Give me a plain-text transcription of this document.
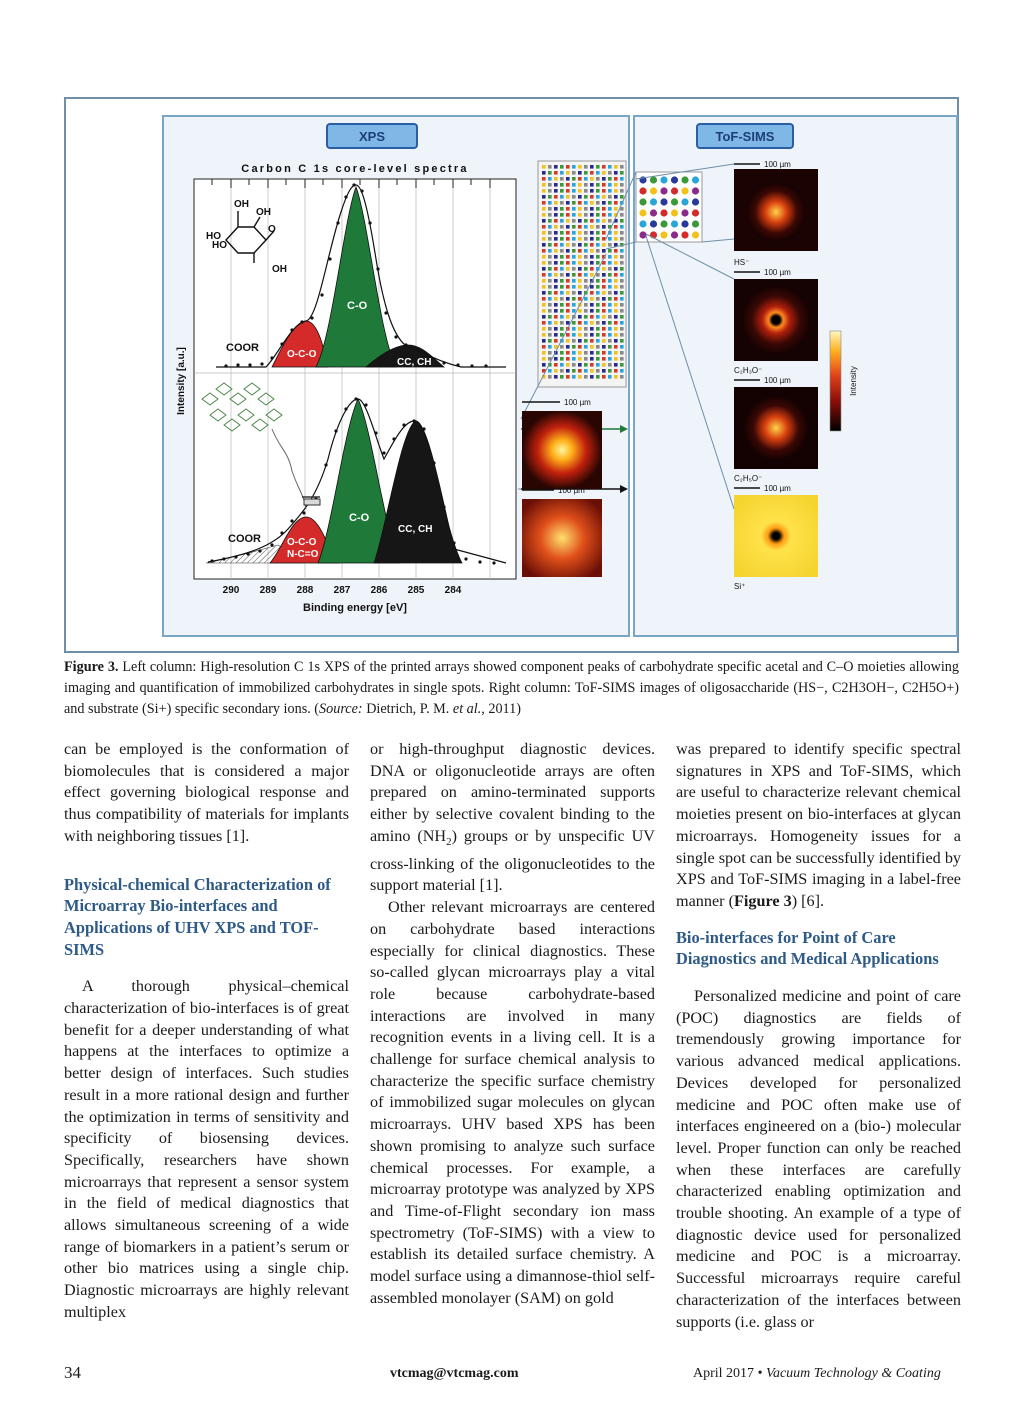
XPS	ToF-SIMS
Carbon C 1s core-level spectra
COOR
O-C-O
C-O
CC, CH
OH
OH
HO
HO
O
OH
Intensity [a.u.]
COOR	O-C-O
N-C=O
C-O
CC, CH
290 289 288 287 286 285 284
Binding energy [eV]
100 µm
100 µm
100 µm
HS⁻
100 µm
C₂H₃O⁻
100 µm
C₂H₅O⁻
100 µm
Si⁺
Intensity
Figure 3. Left column: High-resolution C 1s XPS of the printed arrays showed component peaks of carbohydrate specific acetal and C–O moieties allowing imaging and quantification of immobilized carbohydrates in single spots. Right column: ToF-SIMS images of oligosaccharide (HS−, C2H3OH−, C2H5O+) and substrate (Si+) specific secondary ions. (Source: Dietrich, P. M. et al., 2011)

can be employed is the conformation of biomolecules that is considered a major effect governing biological response and thus compatibility of materials for implants with neighboring tissues [1].

Physical-chemical Characterization of Microarray Bio-interfaces and Applications of UHV XPS and TOF-SIMS

A thorough physical–chemical characterization of bio-interfaces is of great benefit for a deeper understanding of what happens at the interfaces to optimize a better design of interfaces. Such studies result in a more rational design and further the optimization in terms of sensitivity and specificity of biosensing devices. Specifically, researchers have shown microarrays that represent a sensor system in the field of medical diagnostics that allows simultaneous screening of a wide range of biomarkers in a patient’s serum or other bio matrices using a single chip. Diagnostic microarrays are highly relevant multiplex

or high-throughput diagnostic devices. DNA or oligonucleotide arrays are often prepared on amino-terminated supports either by selective covalent binding to the amino $(NH_2)$ groups or by unspecific UV cross-linking of the oligonucleotides to the support material [1].

Other relevant microarrays are centered on carbohydrate based interactions especially for clinical diagnostics. These so-called glycan microarrays play a vital role because carbohydrate-based interactions are involved in many recognition events in a living cell. It is a challenge for surface chemical analysis to characterize the specific surface chemistry of immobilized sugar molecules on glycan microarrays. UHV based XPS has been shown promising to analyze such surface chemical processes. For example, a microarray prototype was analyzed by XPS and Time-of-Flight secondary ion mass spectrometry (ToF-SIMS) with a view to establish its detailed surface chemistry. A model surface using a dimannose-thiol self-assembled monolayer (SAM) on gold

was prepared to identify specific spectral signatures in XPS and ToF-SIMS, which are useful to characterize relevant chemical moieties present on bio-interfaces at glycan microarrays. Homogeneity issues for a single spot can be successfully identified by XPS and ToF-SIMS imaging in a label-free manner (Figure 3) [6].

Bio-interfaces for Point of Care Diagnostics and Medical Applications

Personalized medicine and point of care (POC) diagnostics are fields of tremendously growing importance for various advanced medical applications. Devices developed for personalized medicine and POC often make use of interfaces engineered on a (bio-) molecular level. Proper function can only be reached when these interfaces are carefully characterized enabling optimization and trouble shooting. An example of a type of diagnostic device used for personalized medicine and POC is a microarray. Successful microarrays require careful characterization of the interfaces between supports (i.e. glass or

34	vtcmag@vtcmag.com	April 2017 • Vacuum Technology & Coating
